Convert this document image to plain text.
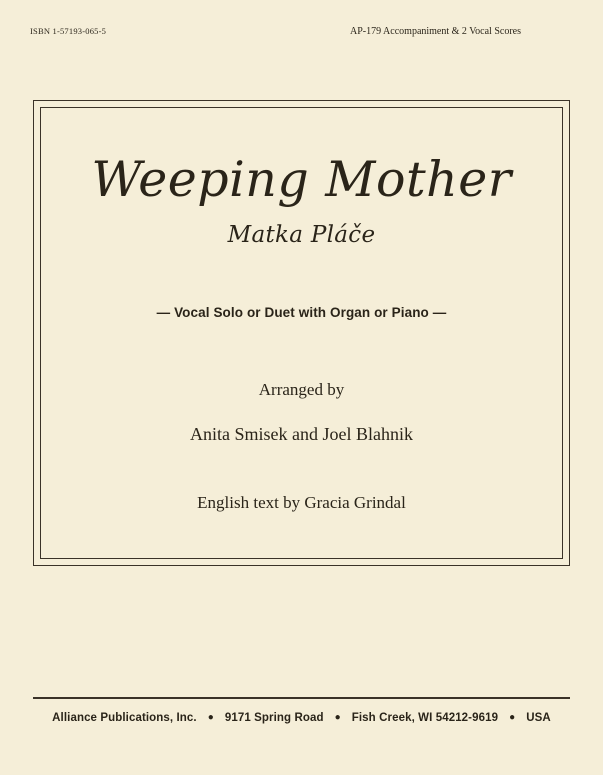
ISBN 1-57193-065-5	AP-179 Accompaniment & 2 Vocal Scores
Weeping Mother
Matka Pláče
— Vocal Solo or Duet with Organ or Piano —
Arranged by
Anita Smisek and Joel Blahnik
English text by Gracia Grindal
Alliance Publications, Inc. ● 9171 Spring Road ● Fish Creek, WI 54212-9619 ● USA
